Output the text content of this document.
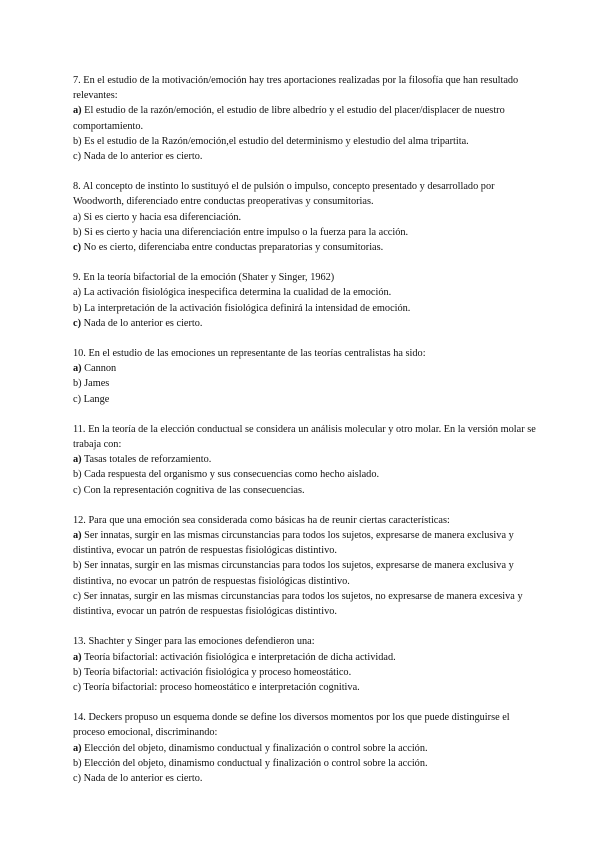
7. En el estudio de la motivación/emoción hay tres aportaciones realizadas por la filosofía que han resultado relevantes:

a) El estudio de la razón/emoción, el estudio de libre albedrío y el estudio del placer/displacer de nuestro comportamiento.

b) Es el estudio de la Razón/emoción,el estudio del determinismo y elestudio del alma tripartita.

c) Nada de lo anterior es cierto.

8. Al concepto de instinto lo sustituyó el de pulsión o impulso, concepto presentado y desarrollado por Woodworth, diferenciado entre conductas preoperativas y consumitorias.

a) Si es cierto y hacia esa diferenciación.

b) Si es cierto y hacia una diferenciación entre impulso o la fuerza para la acción.

c) No es cierto, diferenciaba entre conductas preparatorias y consumitorias.

9. En la teoría bifactorial de la emoción (Shater y Singer, 1962)

a) La activación fisiológica inespecifica determina la cualidad de la emoción.

b) La interpretación de la activación fisiológica definirá la intensidad de emoción.

c) Nada de lo anterior es cierto.

10. En el estudio de las emociones un representante de las teorías centralistas ha sido:

a) Cannon

b) James

c) Lange

11. En la teoría de la elección conductual se considera un análisis molecular y otro molar. En la versión molar se trabaja con:

a) Tasas totales de reforzamiento.

b) Cada respuesta del organismo y sus consecuencias como hecho aislado.

c) Con la representación cognitiva de las consecuencias.

12. Para que una emoción sea considerada como básicas ha de reunir ciertas características:

a) Ser innatas, surgir en las mismas circunstancias para todos los sujetos, expresarse de manera exclusiva y distintiva, evocar un patrón de respuestas fisiológicas distintivo.

b) Ser innatas, surgir en las mismas circunstancias para todos los sujetos, expresarse de manera exclusiva y distintiva, no evocar un patrón de respuestas fisiológicas distintivo.

c) Ser innatas, surgir en las mismas circunstancias para todos los sujetos, no expresarse de manera excesiva y distintiva, evocar un patrón de respuestas fisiológicas distintivo.

13. Shachter y Singer para las emociones defendieron una:

a) Teoría bifactorial: activación fisiológica e interpretación de dicha actividad.

b) Teoría bifactorial: activación fisiológica y proceso homeostático.

c) Teoría bifactorial: proceso homeostático e interpretación cognitiva.

14. Deckers propuso un esquema donde se define los diversos momentos por los que puede distinguirse el proceso emocional, discriminando:

a) Elección del objeto, dinamismo conductual y finalización o control sobre la acción.

b) Elección del objeto, dinamismo conductual y finalización o control sobre la acción.

c) Nada de lo anterior es cierto.
